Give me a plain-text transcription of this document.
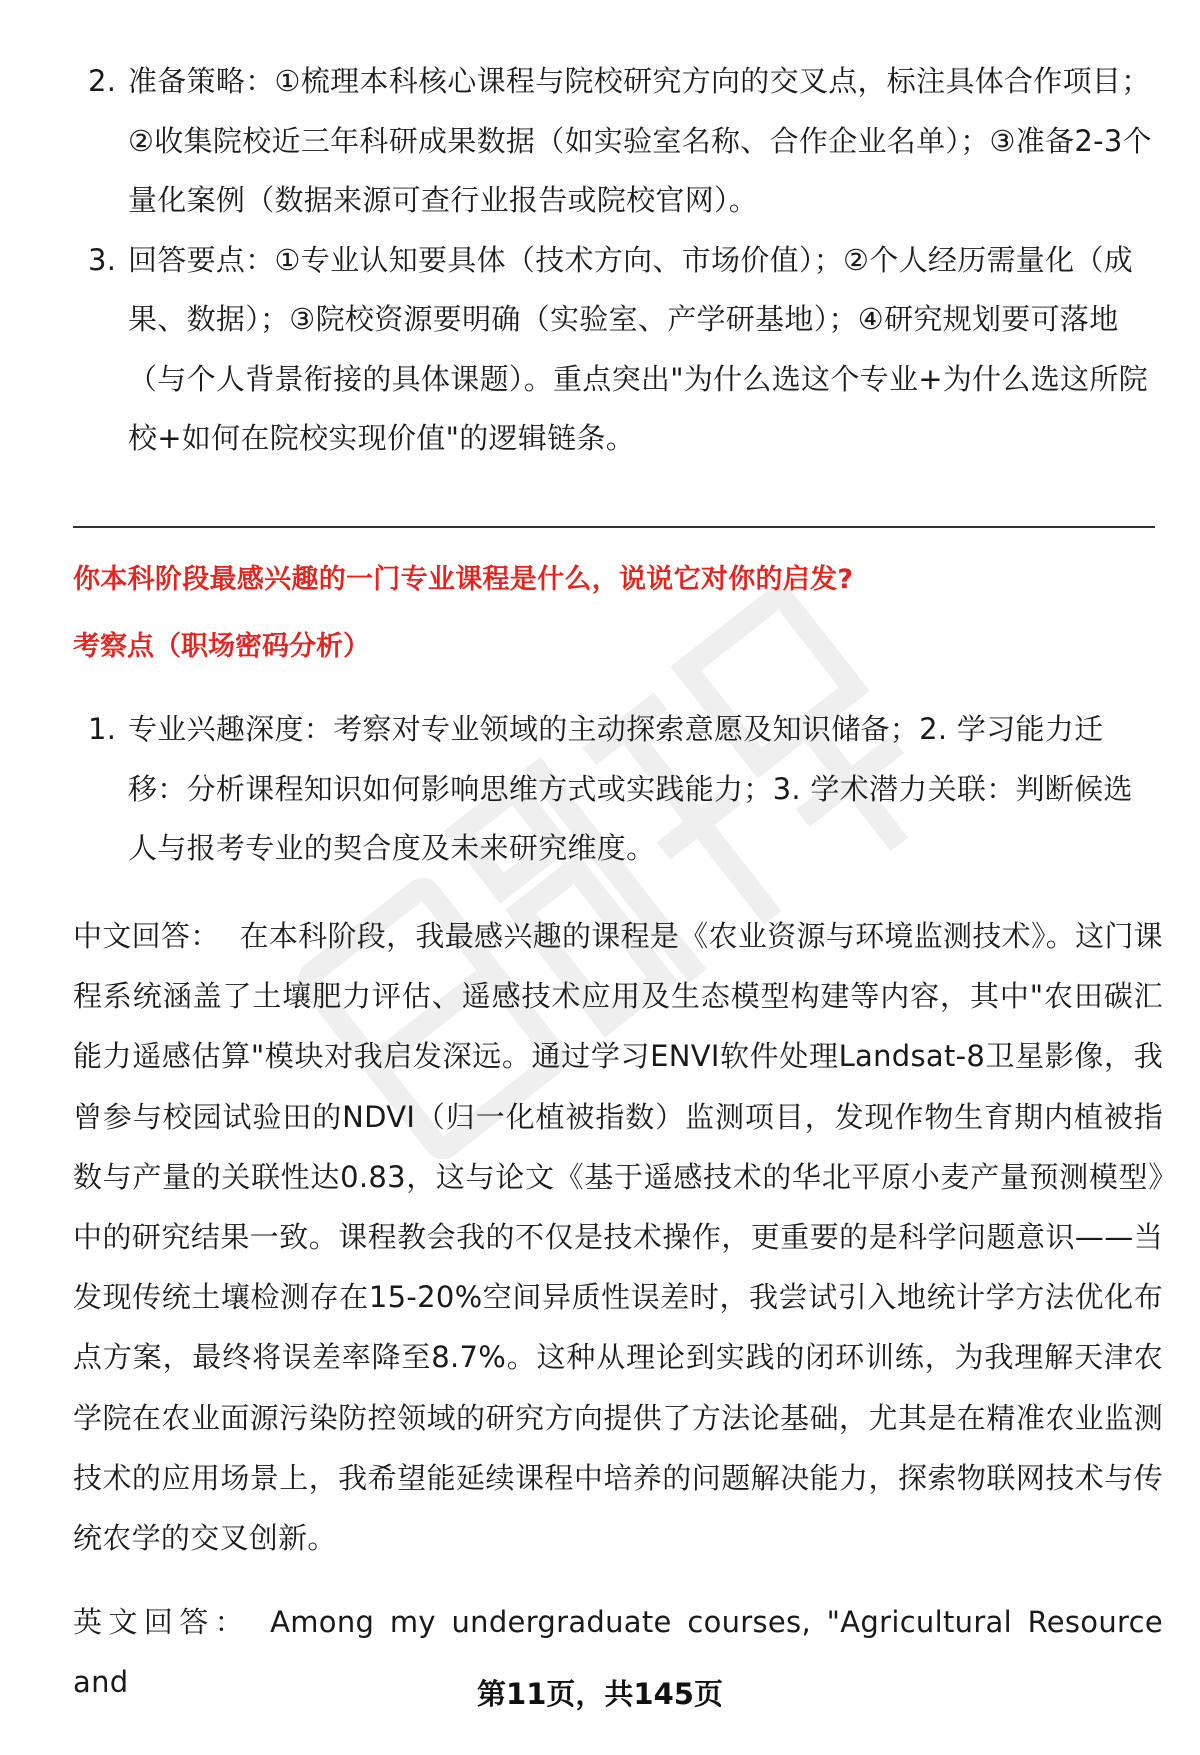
2. 准备策略：①梳理本科核心课程与院校研究方向的交叉点，标注具体合作项目；②收集院校近三年科研成果数据（如实验室名称、合作企业名单）；③准备2-3个量化案例（数据来源可查行业报告或院校官网）。
3. 回答要点：①专业认知要具体（技术方向、市场价值）；②个人经历需量化（成果、数据）；③院校资源要明确（实验室、产学研基地）；④研究规划要可落地（与个人背景衔接的具体课题）。重点突出"为什么选这个专业+为什么选这所院校+如何在院校实现价值"的逻辑链条。
你本科阶段最感兴趣的一门专业课程是什么，说说它对你的启发?
考察点（职场密码分析）
1. 专业兴趣深度：考察对专业领域的主动探索意愿及知识储备；2. 学习能力迁移：分析课程知识如何影响思维方式或实践能力；3. 学术潜力关联：判断候选人与报考专业的契合度及未来研究维度。

中文回答： 在本科阶段，我最感兴趣的课程是《农业资源与环境监测技术》。这门课程系统涵盖了土壤肥力评估、遥感技术应用及生态模型构建等内容，其中"农田碳汇能力遥感估算"模块对我启发深远。通过学习ENVI软件处理Landsat-8卫星影像，我曾参与校园试验田的NDVI（归一化植被指数）监测项目，发现作物生育期内植被指数与产量的关联性达0.83，这与论文《基于遥感技术的华北平原小麦产量预测模型》中的研究结果一致。课程教会我的不仅是技术操作，更重要的是科学问题意识——当发现传统土壤检测存在15-20%空间异质性误差时，我尝试引入地统计学方法优化布点方案，最终将误差率降至8.7%。这种从理论到实践的闭环训练，为我理解天津农学院在农业面源污染防控领域的研究方向提供了方法论基础，尤其是在精准农业监测技术的应用场景上，我希望能延续课程中培养的问题解决能力，探索物联网技术与传统农学的交叉创新。

英文回答： Among my undergraduate courses, "Agricultural Resource and	第11页，共145页
